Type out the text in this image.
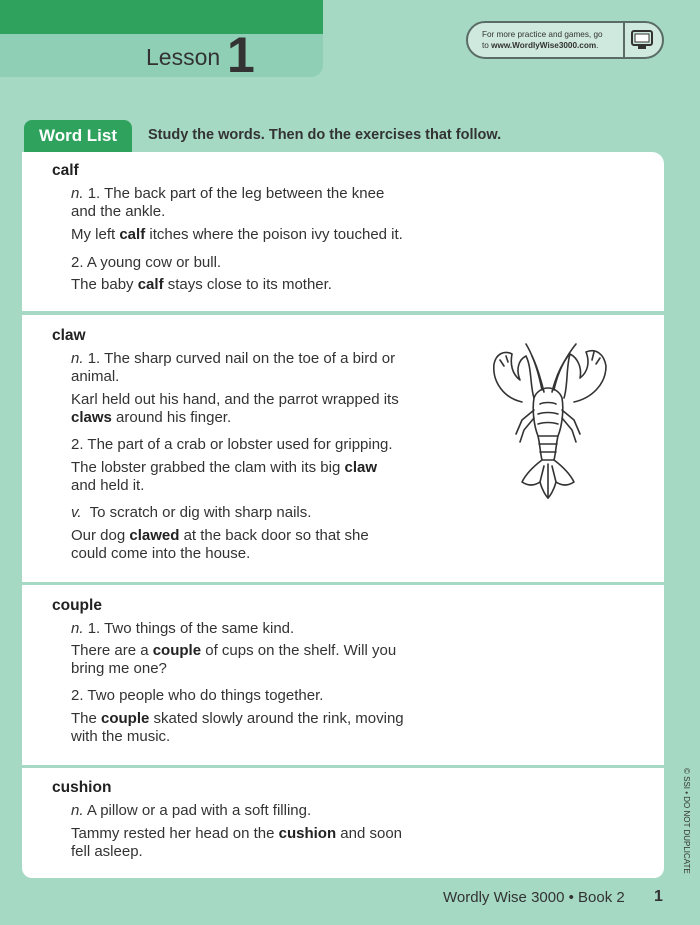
Lesson 1	For more practice and games, go
to www.WordlyWise3000.com.
Word List	Study the words. Then do the exercises that follow.

calf

n. 1. The back part of the leg between the knee

and the ankle.

My left calf itches where the poison ivy touched it.

2. A young cow or bull.

The baby calf stays close to its mother.

claw

n. 1. The sharp curved nail on the toe of a bird or

animal.

Karl held out his hand, and the parrot wrapped its

claws around his finger.

2. The part of a crab or lobster used for gripping.

The lobster grabbed the clam with its big claw

and held it.

v. To scratch or dig with sharp nails.

Our dog clawed at the back door so that she

could come into the house.

couple

n. 1. Two things of the same kind.

There are a couple of cups on the shelf. Will you

bring me one?

2. Two people who do things together.

The couple skated slowly around the rink, moving

with the music.

cushion

n. A pillow or a pad with a soft filling.

Tammy rested her head on the cushion and soon

fell asleep.	© SSI • DO NOT DUPLICATE
Wordly Wise 3000 • Book 2 1
